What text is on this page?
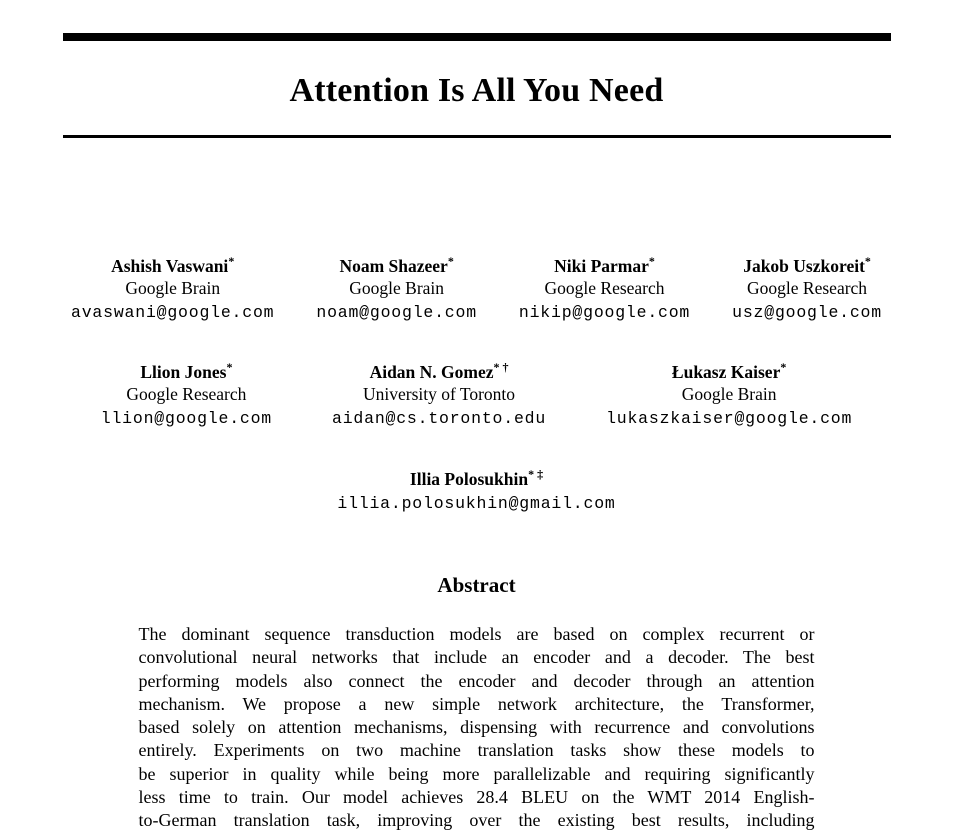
Attention Is All You Need
Ashish Vaswani*
Google Brain
avaswani@google.com
Noam Shazeer*
Google Brain
noam@google.com
Niki Parmar*
Google Research
nikip@google.com
Jakob Uszkoreit*
Google Research
usz@google.com
Llion Jones*
Google Research
llion@google.com
Aidan N. Gomez* †
University of Toronto
aidan@cs.toronto.edu
Łukasz Kaiser*
Google Brain
lukaszkaiser@google.com
Illia Polosukhin* ‡
illia.polosukhin@gmail.com
Abstract
The dominant sequence transduction models are based on complex recurrent or
convolutional neural networks that include an encoder and a decoder. The best
performing models also connect the encoder and decoder through an attention
mechanism. We propose a new simple network architecture, the Transformer,
based solely on attention mechanisms, dispensing with recurrence and convolutions
entirely. Experiments on two machine translation tasks show these models to
be superior in quality while being more parallelizable and requiring significantly
less time to train. Our model achieves 28.4 BLEU on the WMT 2014 English-
to-German translation task, improving over the existing best results, including
